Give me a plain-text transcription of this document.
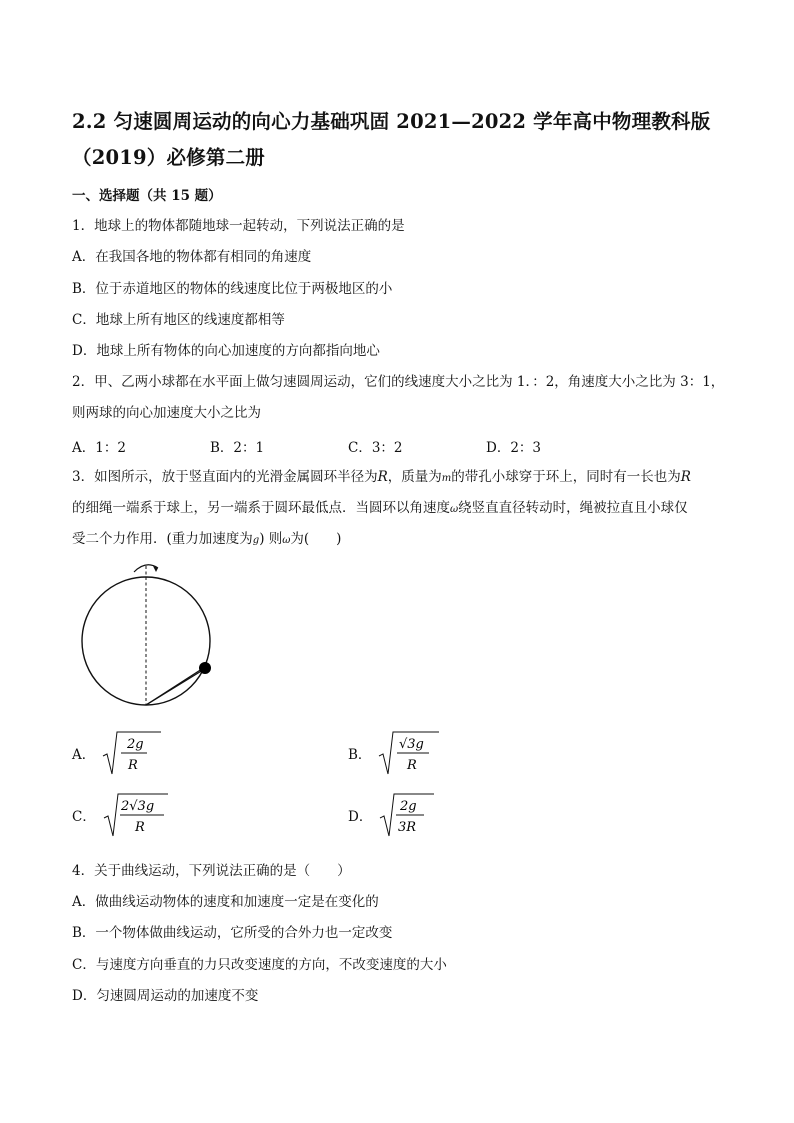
2.2 匀速圆周运动的向心力基础巩固 2021—2022 学年高中物理教科版
（2019）必修第二册
一、选择题（共 15 题）
1．地球上的物体都随地球一起转动，下列说法正确的是
A．在我国各地的物体都有相同的角速度
B．位于赤道地区的物体的线速度比位于两极地区的小
C．地球上所有地区的线速度都相等
D．地球上所有物体的向心加速度的方向都指向地心
2．甲、乙两小球都在水平面上做匀速圆周运动，它们的线速度大小之比为 1．：2，角速度大小之比为 3：1，
则两球的向心加速度大小之比为
A．1：2	B．2：1	C．3：2	D．2：3
3．如图所示，放于竖直面内的光滑金属圆环半径为R，质量为m的带孔小球穿于环上，同时有一长也为R
的细绳一端系于球上，另一端系于圆环最低点．当圆环以角速度ω绕竖直直径转动时，绳被拉直且小球仅
受二个力作用．(重力加速度为g) 则ω为(　　)
A．
2g
R
B．
√3g
R
C．
2√3g
R
D．
2g
3R
4．关于曲线运动，下列说法正确的是（　　）
A．做曲线运动物体的速度和加速度一定是在变化的
B．一个物体做曲线运动，它所受的合外力也一定改变
C．与速度方向垂直的力只改变速度的方向，不改变速度的大小
D．匀速圆周运动的加速度不变
